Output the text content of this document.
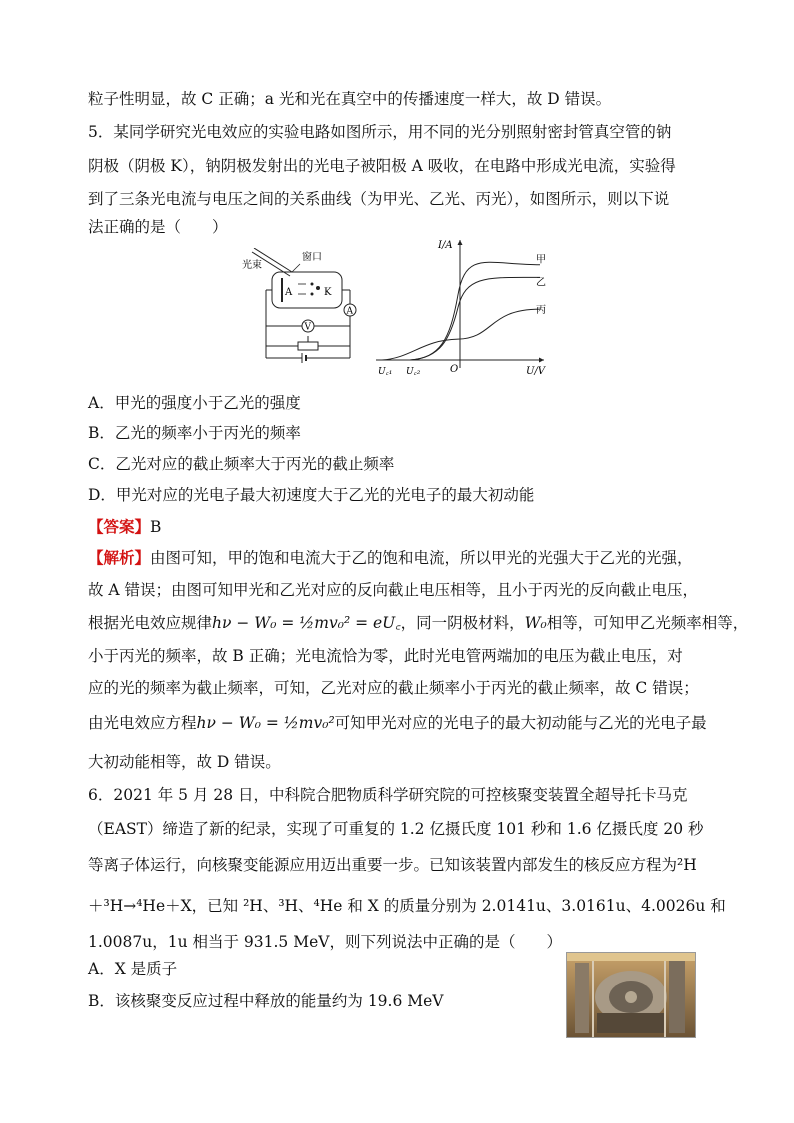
粒子性明显，故 C 正确；a 光和光在真空中的传播速度一样大，故 D 错误。
5．某同学研究光电效应的实验电路如图所示，用不同的光分别照射密封管真空管的钠
阴极（阴极 K），钠阴极发射出的光电子被阳极 A 吸收，在电路中形成光电流，实验得
到了三条光电流与电压之间的关系曲线（为甲光、乙光、丙光），如图所示，则以下说
法正确的是（　　）
光束
窗口
A	K
A
V
I/A
U/V
O
U꜀₁ U꜀₂
甲
乙
丙
A．甲光的强度小于乙光的强度
B．乙光的频率小于丙光的频率
C．乙光对应的截止频率大于丙光的截止频率
D．甲光对应的光电子最大初速度大于乙光的光电子的最大初动能
【答案】B
【解析】由图可知，甲的饱和电流大于乙的饱和电流，所以甲光的光强大于乙光的光强，
故 A 错误；由图可知甲光和乙光对应的反向截止电压相等，且小于丙光的反向截止电压，
根据光电效应规律hν − W₀ = ½mv₀² = eU꜀，同一阴极材料，W₀相等，可知甲乙光频率相等，
小于丙光的频率，故 B 正确；光电流恰为零，此时光电管两端加的电压为截止电压，对
应的光的频率为截止频率，可知，乙光对应的截止频率小于丙光的截止频率，故 C 错误；
由光电效应方程hν − W₀ = ½mv₀²可知甲光对应的光电子的最大初动能与乙光的光电子最
大初动能相等，故 D 错误。
6．2021 年 5 月 28 日，中科院合肥物质科学研究院的可控核聚变装置全超导托卡马克
（EAST）缔造了新的纪录，实现了可重复的 1.2 亿摄氏度 101 秒和 1.6 亿摄氏度 20 秒
等离子体运行，向核聚变能源应用迈出重要一步。已知该装置内部发生的核反应方程为²H
＋³H→⁴He＋X，已知 ²H、³H、⁴He 和 X 的质量分别为 2.0141u、3.0161u、4.0026u 和
1.0087u，1u 相当于 931.5 MeV，则下列说法中正确的是（　　）
A．X 是质子
B．该核聚变反应过程中释放的能量约为 19.6 MeV
